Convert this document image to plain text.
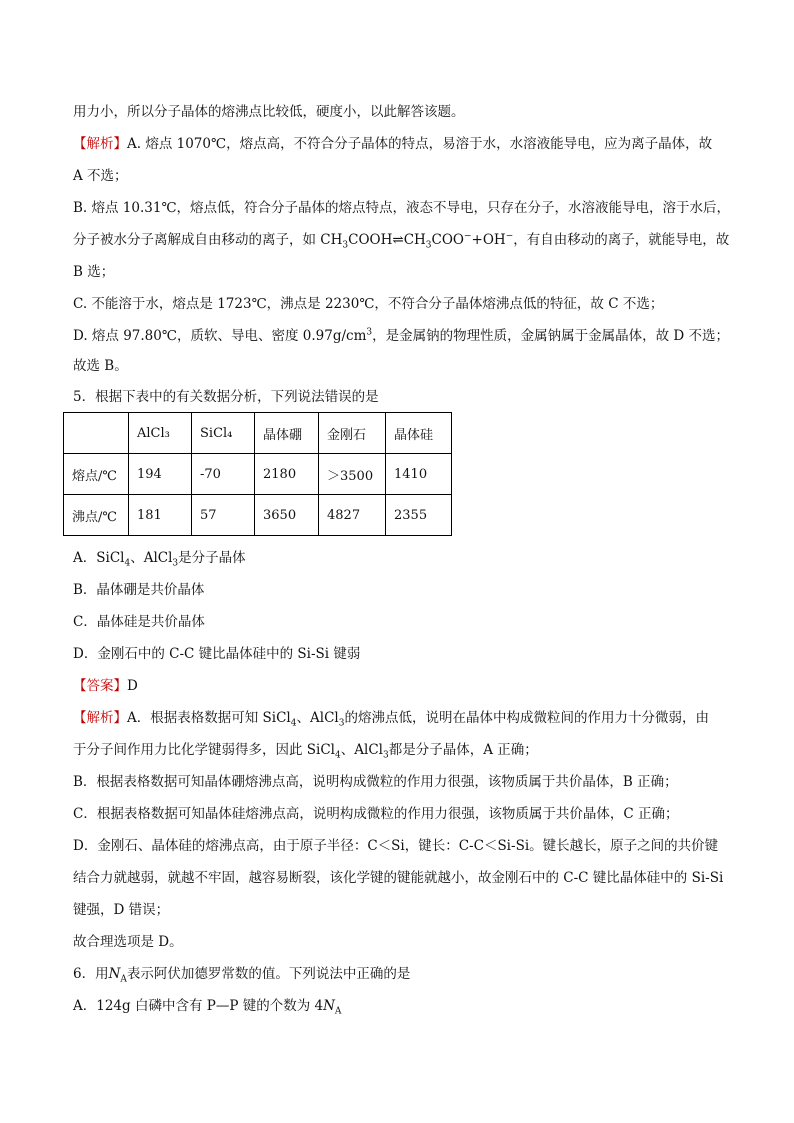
用力小，所以分子晶体的熔沸点比较低，硬度小，以此解答该题。
【解析】A. 熔点 1070℃，熔点高，不符合分子晶体的特点，易溶于水，水溶液能导电，应为离子晶体，故
A 不选；
B. 熔点 10.31℃，熔点低，符合分子晶体的熔点特点，液态不导电，只存在分子，水溶液能导电，溶于水后，
分子被水分子离解成自由移动的离子，如 $CH_3COOH\rightleftharpoons CH_3COO^-+OH^-$，有自由移动的离子，就能导电，故
B 选；
C. 不能溶于水，熔点是 1723℃，沸点是 2230℃，不符合分子晶体熔沸点低的特征，故 C 不选；
D. 熔点 97.80℃，质软、导电、密度 $0.97g/cm^3$，是金属钠的物理性质，金属钠属于金属晶体，故 D 不选；
故选 B。
5．根据下表中的有关数据分析，下列说法错误的是
	AlCl₃	SiCl₄	晶体硼	金刚石	晶体硅
熔点/℃	194	-70	2180	＞3500	1410
沸点/℃	181	57	3650	4827	2355
A．SiCl$_4$、AlCl$_3$是分子晶体
B．晶体硼是共价晶体
C．晶体硅是共价晶体
D．金刚石中的 C-C 键比晶体硅中的 Si-Si 键弱
【答案】D
【解析】A．根据表格数据可知 SiCl$_4$、AlCl$_3$的熔沸点低，说明在晶体中构成微粒间的作用力十分微弱，由
于分子间作用力比化学键弱得多，因此 SiCl$_4$、AlCl$_3$都是分子晶体，A 正确；
B．根据表格数据可知晶体硼熔沸点高，说明构成微粒的作用力很强，该物质属于共价晶体，B 正确；
C．根据表格数据可知晶体硅熔沸点高，说明构成微粒的作用力很强，该物质属于共价晶体，C 正确；
D．金刚石、晶体硅的熔沸点高，由于原子半径：C＜Si，键长：C-C＜Si-Si。键长越长，原子之间的共价键
结合力就越弱，就越不牢固，越容易断裂，该化学键的键能就越小，故金刚石中的 C-C 键比晶体硅中的 Si-Si
键强，D 错误；
故合理选项是 D。
6．用$N_A$表示阿伏加德罗常数的值。下列说法中正确的是
A．124g 白磷中含有 P—P 键的个数为 $4N_A$
